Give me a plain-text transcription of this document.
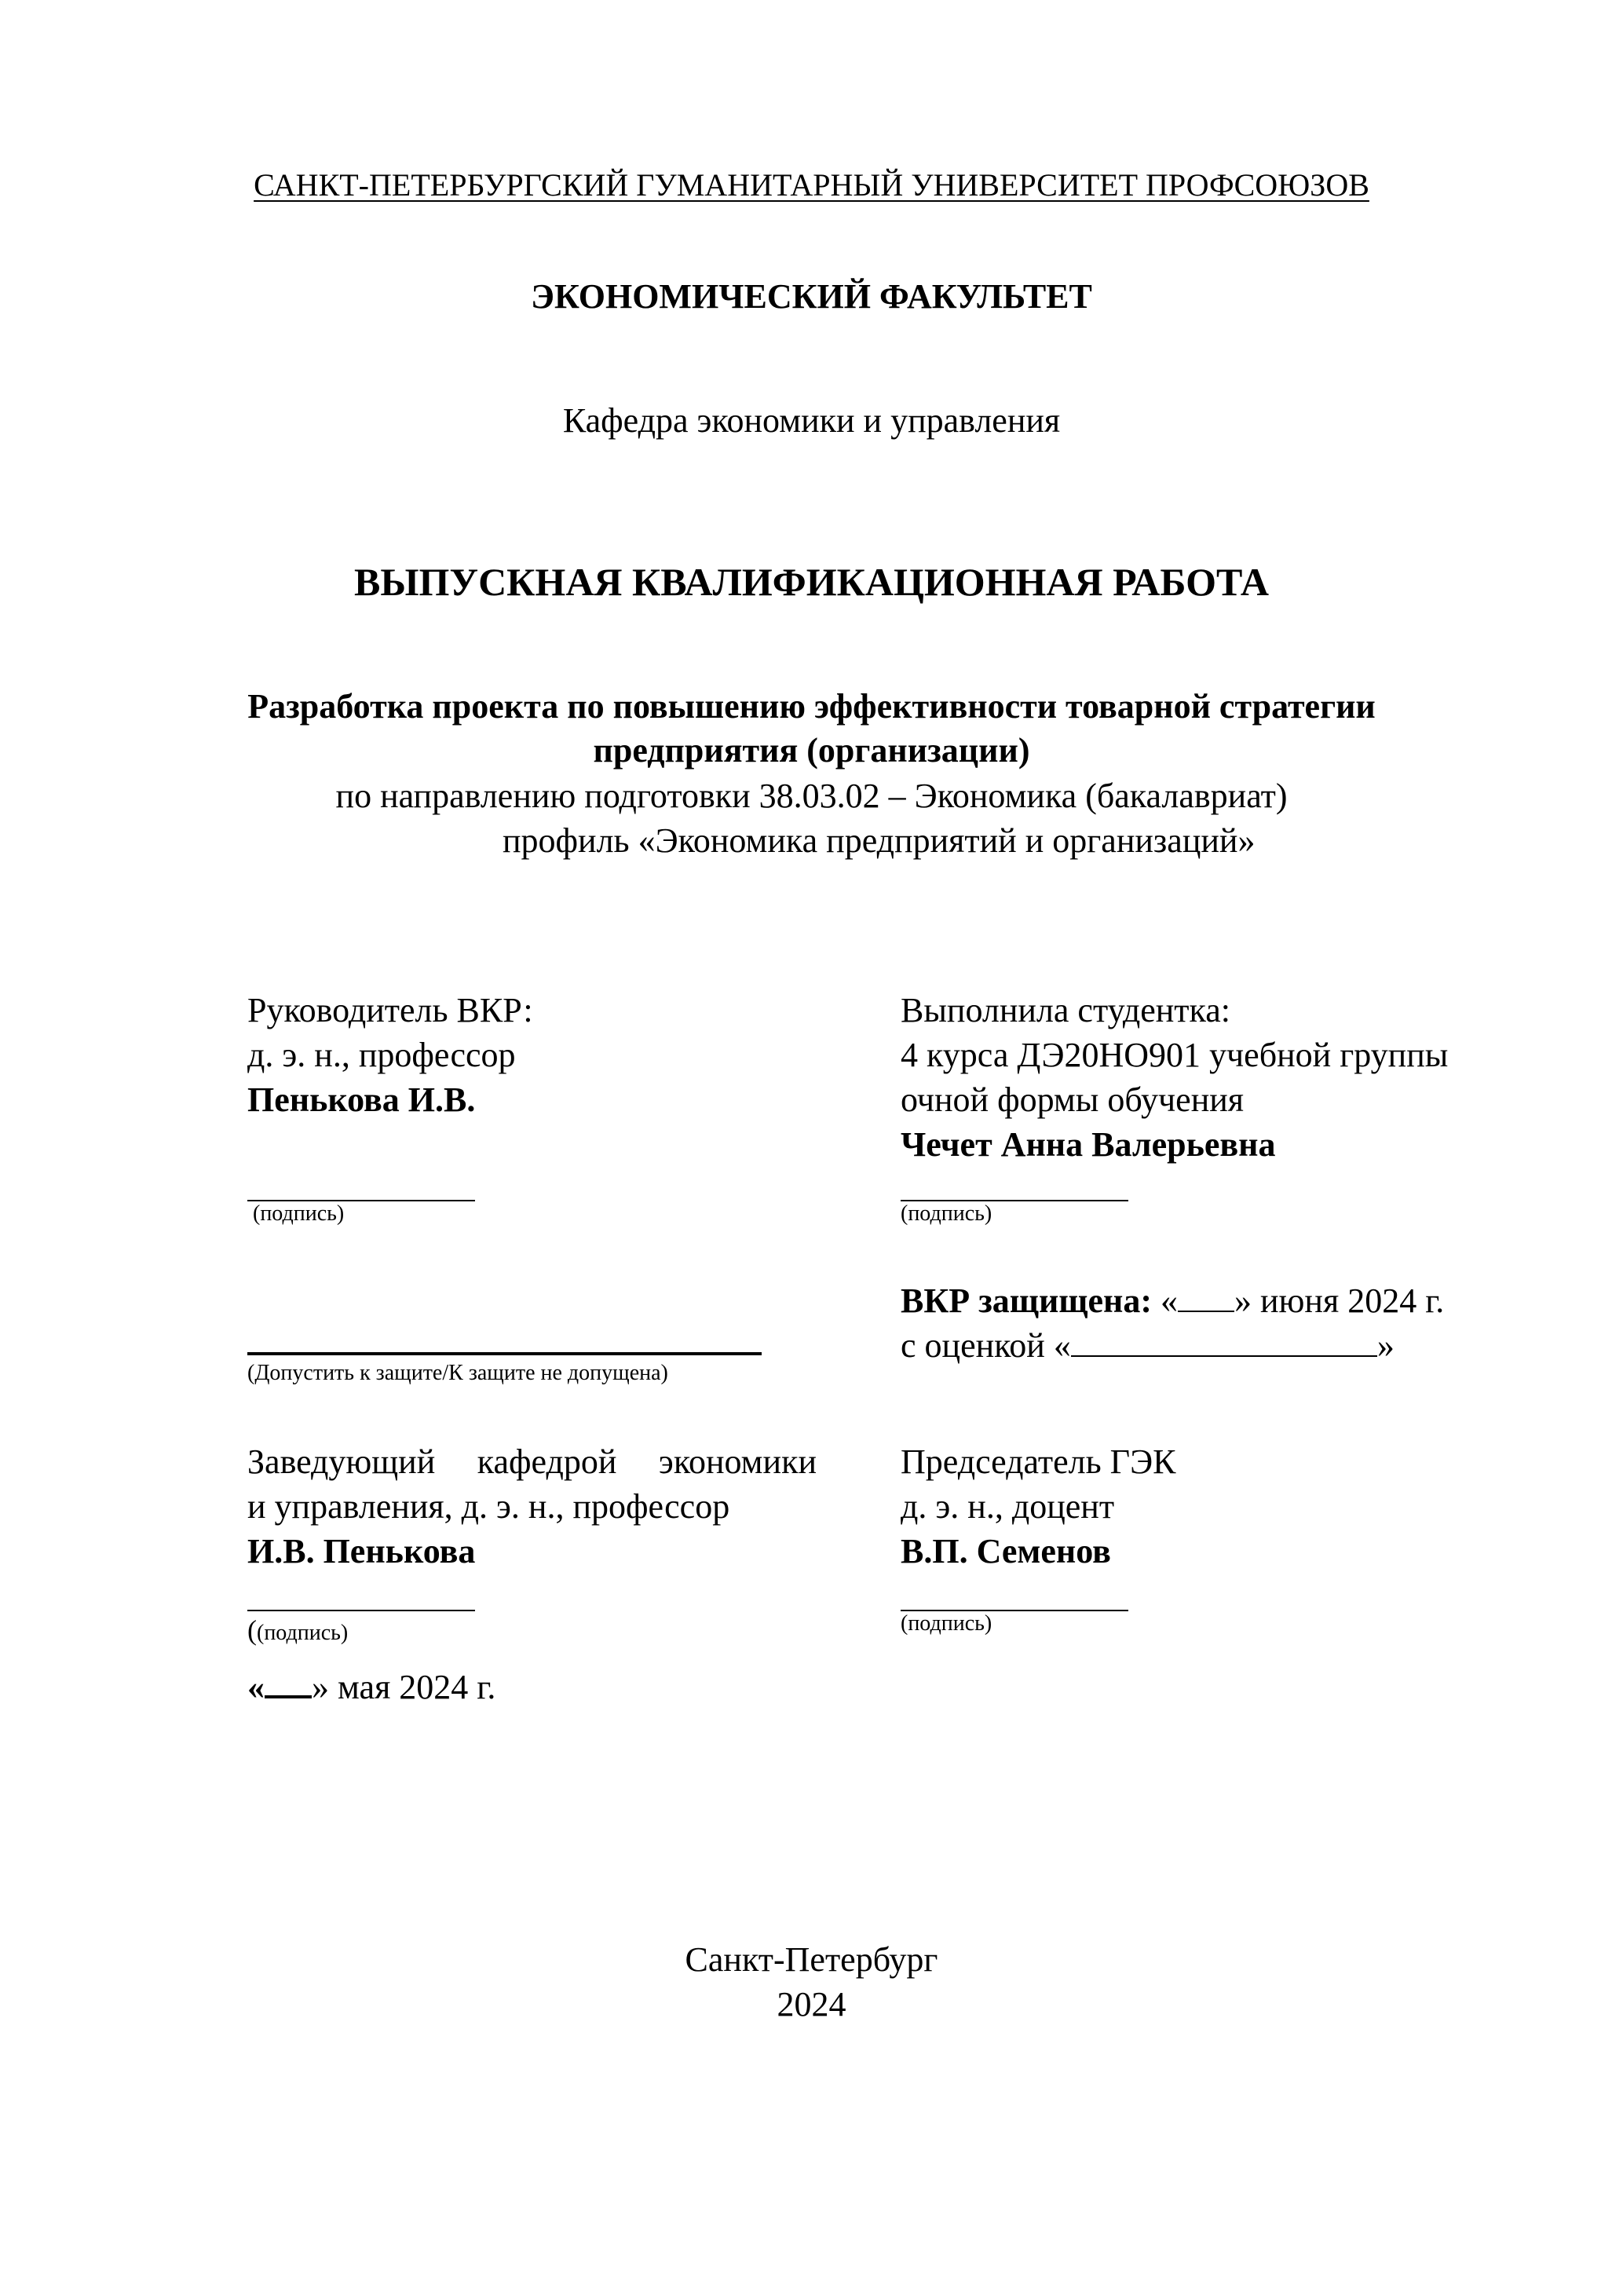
САНКТ-ПЕТЕРБУРГСКИЙ ГУМАНИТАРНЫЙ УНИВЕРСИТЕТ ПРОФСОЮЗОВ
ЭКОНОМИЧЕСКИЙ ФАКУЛЬТЕТ
Кафедра экономики и управления
ВЫПУСКНАЯ КВАЛИФИКАЦИОННАЯ РАБОТА
Разработка проекта по повышению эффективности товарной стратегии
предприятия (организации)
по направлению подготовки 38.03.02 – Экономика (бакалавриат)
профиль «Экономика предприятий и организаций»
Руководитель ВКР:
д. э. н., профессор
Пенькова И.В.
(подпись)
Выполнила студентка:
4 курса ДЭ20НО901 учебной группы
очной формы обучения
Чечет Анна Валерьевна
(подпись)
(Допустить к защите/К защите не допущена)
ВКР защищена: « » июня 2024 г.
с оценкой «	»
Заведующий кафедрой экономики
и управления, д. э. н., профессор
И.В. Пенькова
((подпись)
« » мая 2024 г.
Председатель ГЭК
д. э. н., доцент
В.П. Семенов
(подпись)
Санкт-Петербург
2024
